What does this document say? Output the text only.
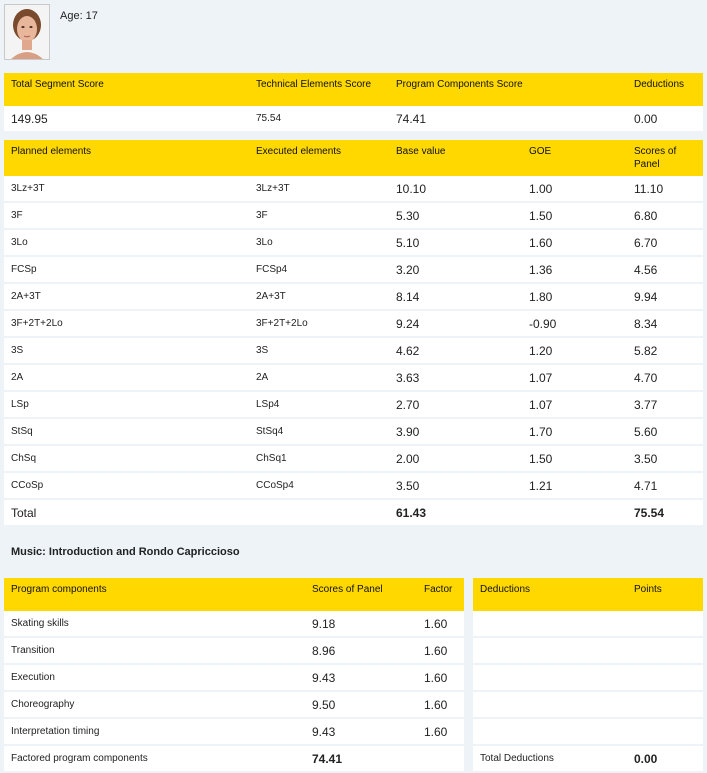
Age: 17
Total Segment Score	Technical Elements Score	Program Components Score	Deductions
149.95	75.54	74.41	0.00
Planned elements	Executed elements	Base value	GOE	Scores of Panel
3Lz+3T	3Lz+3T	10.10	1.00	11.10
3F	3F	5.30	1.50	6.80
3Lo	3Lo	5.10	1.60	6.70
FCSp	FCSp4	3.20	1.36	4.56
2A+3T	2A+3T	8.14	1.80	9.94
3F+2T+2Lo	3F+2T+2Lo	9.24	-0.90	8.34
3S	3S	4.62	1.20	5.82
2A	2A	3.63	1.07	4.70
LSp	LSp4	2.70	1.07	3.77
StSq	StSq4	3.90	1.70	5.60
ChSq	ChSq1	2.00	1.50	3.50
CCoSp	CCoSp4	3.50	1.21	4.71
Total		61.43		75.54
Music: Introduction and Rondo Capriccioso
Program components	Scores of Panel	Factor
Skating skills	9.18	1.60
Transition	8.96	1.60
Execution	9.43	1.60
Choreography	9.50	1.60
Interpretation timing	9.43	1.60
Factored program components	74.41	
Deductions	Points

Total Deductions	0.00
